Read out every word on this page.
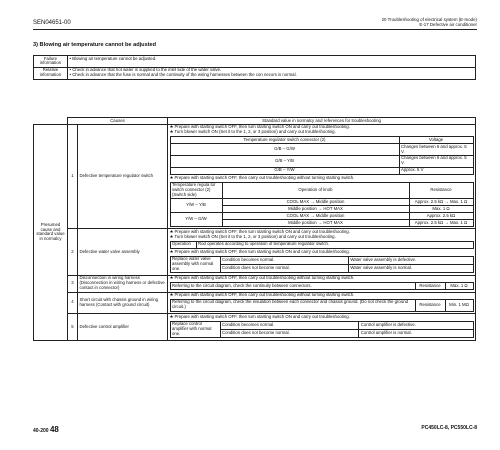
SEN04651-00
20 Troubleshooting of electrical system (E-mode)
E-17 Defective air conditioner
3) Blowing air temperature cannot be adjusted
Failure information	• Blowing air temperature cannot be adjusted.
Relative information	• Check in advance that hot water is supplied to the inlet side of the water valve.
• Check in advance that the fuse is normal and the continuity of the wiring harnesses between the con necors is normal.
	Causes	Standard value in normalcy and references for troubleshooting
Presumed cause and standard value in normalcy	1	Defective temperature regulator switch	
★ Prepare with starting switch OFF, then turn starting switch ON and carry out troubleshooting.
★ Turn blower switch ON (Set it to the 1, 2, or 3 position) and carry out troubleshooting.
Temperature regulator switch connector (2)	Voltage
G/B – G/W	Changes between 6 and approx. 5 V.
G/B – Y/B	Changes between 6 and approx. 5 V.
G/B – Y/W	Approx. 5 V
★ Prepare with starting switch OFF, then carry out troubleshooting without turning starting switch.
Temperature regula tor switch connector (2) (Switch side)	Operation of knob	Resistance
Y/W – Y/B	COOL MAX → Middle position	Approx. 2.5 kΩ → Max. 1 Ω
Middle position → HOT MAX	Max. 1 Ω
Y/W – G/W	COOL MAX → Middle position	Approx. 2.5 kΩ
Middle position → HOT MAX	Approx. 2.5 kΩ → Max. 1 Ω

2	Defective water valve assembly	
★ Prepare with starting switch OFF, then turn starting switch ON and carry out troubleshooting.
★ Turn blower switch ON (Set it to the 1, 2, or 3 position) and carry out troubleshooting.
Operation	Rod operates according to operation of temperature regulator switch.
★ Prepare with starting switch OFF, then turn starting switch ON and carry out troubleshooting.
Replace water valve assembly with normal one.	Condition becomes normal.	Water valve assembly is defective.
Condition does not become normal.	Water valve assembly is normal.

3	Disconnection in wiring harness (Disconnection in wiring harness or defective contact in connector)	
★ Prepare with starting switch OFF, then carry out troubleshooting without turning starting switch.
Referring to the circuit diagram, check the continuity between connectors.	Resistance	Max. 1 Ω

4	Short circuit with chassis ground in wiring harness (Contact with ground circuit)	
★ Prepare with starting switch OFF, then carry out troubleshooting without turning starting switch.
Referring to the circuit diagram, check the insulation between each connector and chassis ground. (Do not check the ground circuit.)	Resistance	Min. 1 MΩ

5	Defective control amplifier	
★ Prepare with starting switch OFF, then turn starting switch ON and carry out troubleshooting.
Replace control amplifier with normal one.	Condition becomes normal.	Control amplifier is defective.
Condition does not become normal.	Control amplifier is normal.
40-200 48	PC450LC-8, PC550LC-8
